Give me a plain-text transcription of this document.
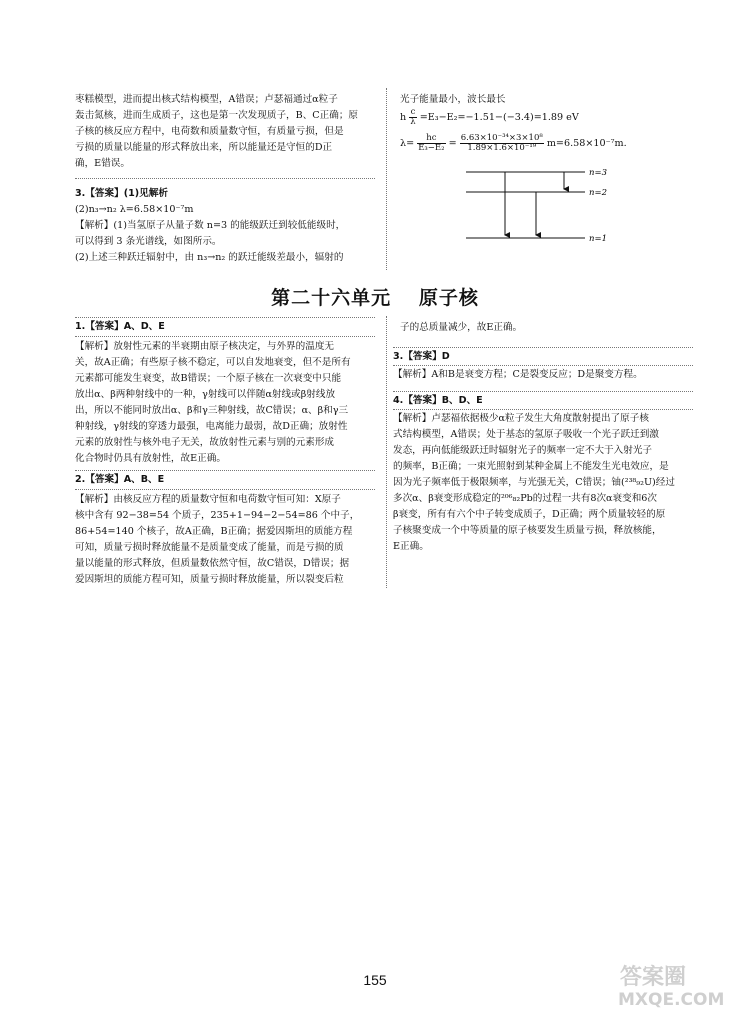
枣糕模型，进而提出核式结构模型，A错误；卢瑟福通过α粒子
轰击氮核，进而生成质子，这也是第一次发现质子，B、C正确；原
子核的核反应方程中，电荷数和质量数守恒，有质量亏损，但是
亏损的质量以能量的形式释放出来，所以能量还是守恒的D正
确，E错误。
3.【答案】(1)见解析
(2)n₃→n₂ λ=6.58×10⁻⁷m
【解析】(1)当氢原子从量子数 n=3 的能级跃迁到较低能级时，
可以得到 3 条光谱线，如图所示。
(2)上述三种跃迁辐射中，由 n₃→n₂ 的跃迁能级差最小，辐射的
光子能量最小，波长最长
h $\frac{c}{\lambda} =E_3-E_2=-1.51-(-3.4)=1.89$ eV
$\lambda= \frac{hc}{\text{E₃−E₂}} = \frac{\text{6.63×10⁻³⁴×3×10⁸}}{\text{1.89×1.6×10⁻¹⁹}} m=6.58\times 10^{-7}m$.
n=3
n=2
n=1
第二十六单元 原子核
1.【答案】A、D、E
【解析】放射性元素的半衰期由原子核决定，与外界的温度无
关，故A正确；有些原子核不稳定，可以自发地衰变，但不是所有
元素都可能发生衰变，故B错误；一个原子核在一次衰变中只能
放出α、β两种射线中的一种，γ射线可以伴随α射线或β射线放
出，所以不能同时放出α、β和γ三种射线，故C错误；α、β和γ三
种射线，γ射线的穿透力最强，电离能力最弱，故D正确；放射性
元素的放射性与核外电子无关，故放射性元素与别的元素形成
化合物时仍具有放射性，故E正确。
2.【答案】A、B、E
【解析】由核反应方程的质量数守恒和电荷数守恒可知：X原子
核中含有 92−38=54 个质子，235+1−94−2−54=86 个中子，
86+54=140 个核子，故A正确，B正确；据爱因斯坦的质能方程
可知，质量亏损时释放能量不是质量变成了能量，而是亏损的质
量以能量的形式释放，但质量数依然守恒，故C错误，D错误；据
爱因斯坦的质能方程可知，质量亏损时释放能量，所以裂变后粒
子的总质量减少，故E正确。
3.【答案】D
【解析】A和B是衰变方程；C是裂变反应；D是聚变方程。
4.【答案】B、D、E
【解析】卢瑟福依据极少α粒子发生大角度散射提出了原子核
式结构模型，A错误；处于基态的氢原子吸收一个光子跃迁到激
发态，再向低能级跃迁时辐射光子的频率一定不大于入射光子
的频率，B正确；一束光照射到某种金属上不能发生光电效应，是
因为光子频率低于极限频率，与光强无关，C错误；铀(²³⁸₉₂U)经过
多次α、β衰变形成稳定的²⁰⁶₈₂Pb的过程一共有8次α衰变和6次
β衰变，所有有六个中子转变成质子，D正确；两个质量较轻的原
子核聚变成一个中等质量的原子核要发生质量亏损，释放核能，
E正确。
155	答案圈
MXQE.COM
